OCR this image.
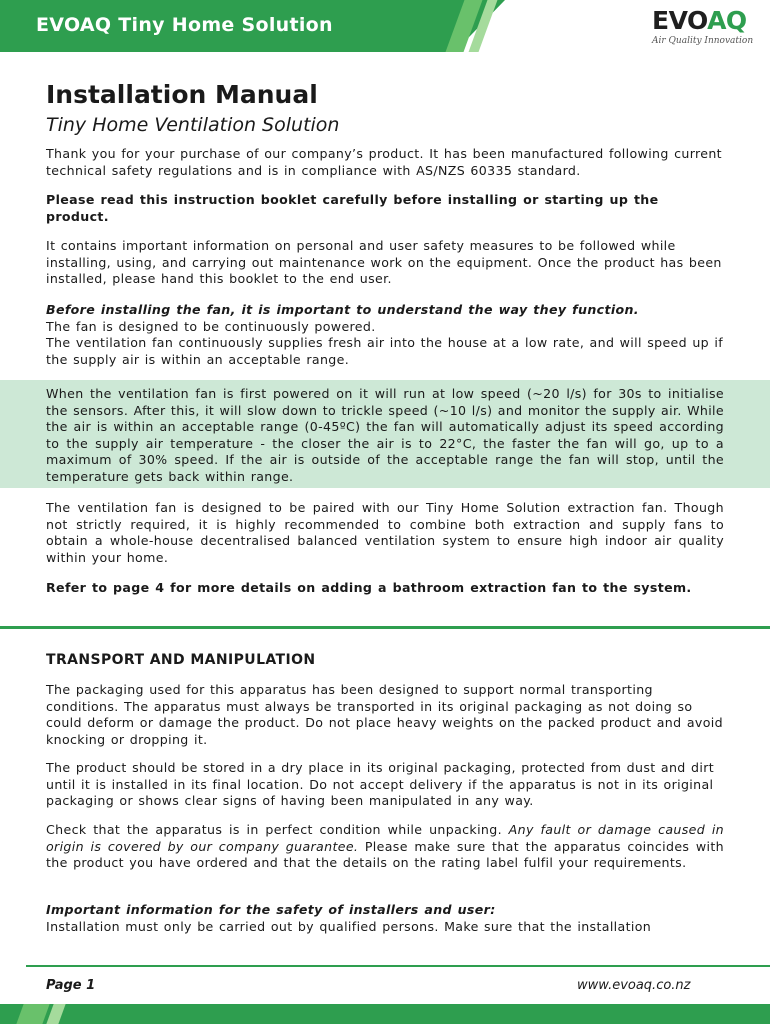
EVOAQ Tiny Home Solution	EVOAQ
Air Quality Innovation
Installation Manual
Tiny Home Ventilation Solution

Thank you for your purchase of our company’s product. It has been manufactured following current technical safety regulations and is in compliance with AS/NZS 60335 standard.

Please read this instruction booklet carefully before installing or starting up the product.

It contains important information on personal and user safety measures to be followed while installing, using, and carrying out maintenance work on the equipment. Once the product has been installed, please hand this booklet to the end user.

Before installing the fan, it is important to understand the way they function.
The fan is designed to be continuously powered.
The ventilation fan continuously supplies fresh air into the house at a low rate, and will speed up if the supply air is within an acceptable range.

When the ventilation fan is first powered on it will run at low speed (~20 l/s) for 30s to initialise the sensors. After this, it will slow down to trickle speed (~10 l/s) and monitor the supply air. While the air is within an acceptable range (0-45ºC) the fan will automatically adjust its speed according to the supply air temperature - the closer the air is to 22°C, the faster the fan will go, up to a maximum of 30% speed. If the air is outside of the acceptable range the fan will stop, until the temperature gets back within range.

The ventilation fan is designed to be paired with our Tiny Home Solution extraction fan. Though not strictly required, it is highly recommended to combine both extraction and supply fans to obtain a whole-house decentralised balanced ventilation system to ensure high indoor air quality within your home.

Refer to page 4 for more details on adding a bathroom extraction fan to the system.

TRANSPORT AND MANIPULATION

The packaging used for this apparatus has been designed to support normal transporting conditions. The apparatus must always be transported in its original packaging as not doing so could deform or damage the product. Do not place heavy weights on the packed product and avoid knocking or dropping it.

The product should be stored in a dry place in its original packaging, protected from dust and dirt until it is installed in its final location. Do not accept delivery if the apparatus is not in its original packaging or shows clear signs of having been manipulated in any way.

Check that the apparatus is in perfect condition while unpacking. Any fault or damage caused in origin is covered by our company guarantee. Please make sure that the apparatus coincides with the product you have ordered and that the details on the rating label fulfil your requirements.

Important information for the safety of installers and user:
Installation must only be carried out by qualified persons. Make sure that the installation
Page 1	www.evoaq.co.nz
